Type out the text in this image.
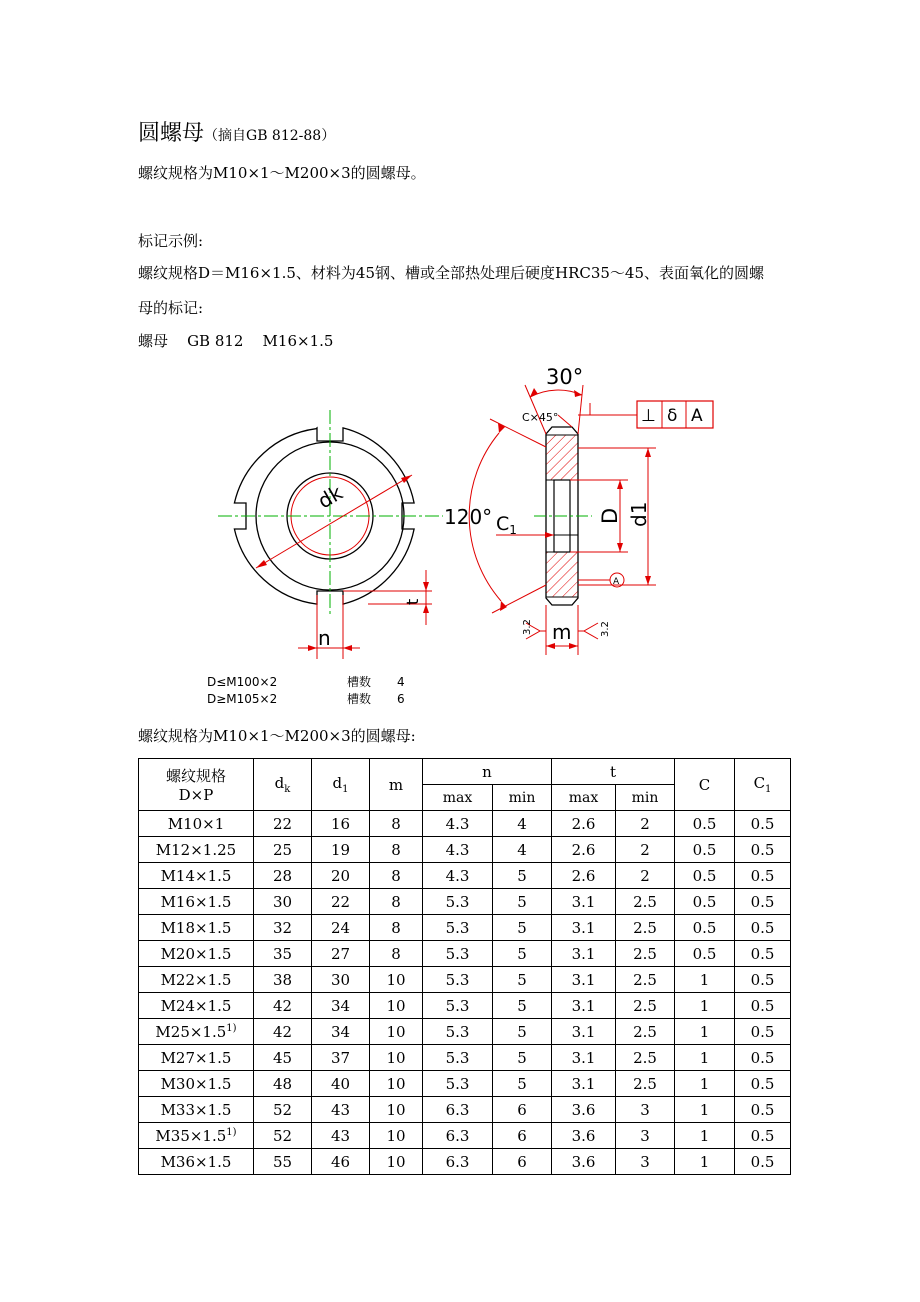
圆螺母（摘自GB 812-88）
螺纹规格为M10×1～M200×3的圆螺母。
标记示例:
螺纹规格D＝M16×1.5、材料为45钢、槽或全部热处理后硬度HRC35～45、表面氧化的圆螺
母的标记:
螺母    GB 812    M16×1.5
dk
n
t
30°
C×45°	⊥ δ A
120° $C_1$
D d1
A
m
3.2	3.2
D≤M100×2	槽数 4
D≥M105×2	槽数 6
螺纹规格为M10×1～M200×3的圆螺母:
螺纹规格
D×P	$d_k$	$d_1$	m	n		t		C	$C_1$
				max	min	max	min		
M10×1	22	16	8	4.3	4	2.6	2	0.5	0.5
M12×1.25	25	19	8	4.3	4	2.6	2	0.5	0.5
M14×1.5	28	20	8	4.3	5	2.6	2	0.5	0.5
M16×1.5	30	22	8	5.3	5	3.1	2.5	0.5	0.5
M18×1.5	32	24	8	5.3	5	3.1	2.5	0.5	0.5
M20×1.5	35	27	8	5.3	5	3.1	2.5	0.5	0.5
M22×1.5	38	30	10	5.3	5	3.1	2.5	1	0.5
M24×1.5	42	34	10	5.3	5	3.1	2.5	1	0.5
$M25\times 1.5^{1)}$	42	34	10	5.3	5	3.1	2.5	1	0.5
M27×1.5	45	37	10	5.3	5	3.1	2.5	1	0.5
M30×1.5	48	40	10	5.3	5	3.1	2.5	1	0.5
M33×1.5	52	43	10	6.3	6	3.6	3	1	0.5
$M35\times 1.5^{1)}$	52	43	10	6.3	6	3.6	3	1	0.5
M36×1.5	55	46	10	6.3	6	3.6	3	1	0.5
